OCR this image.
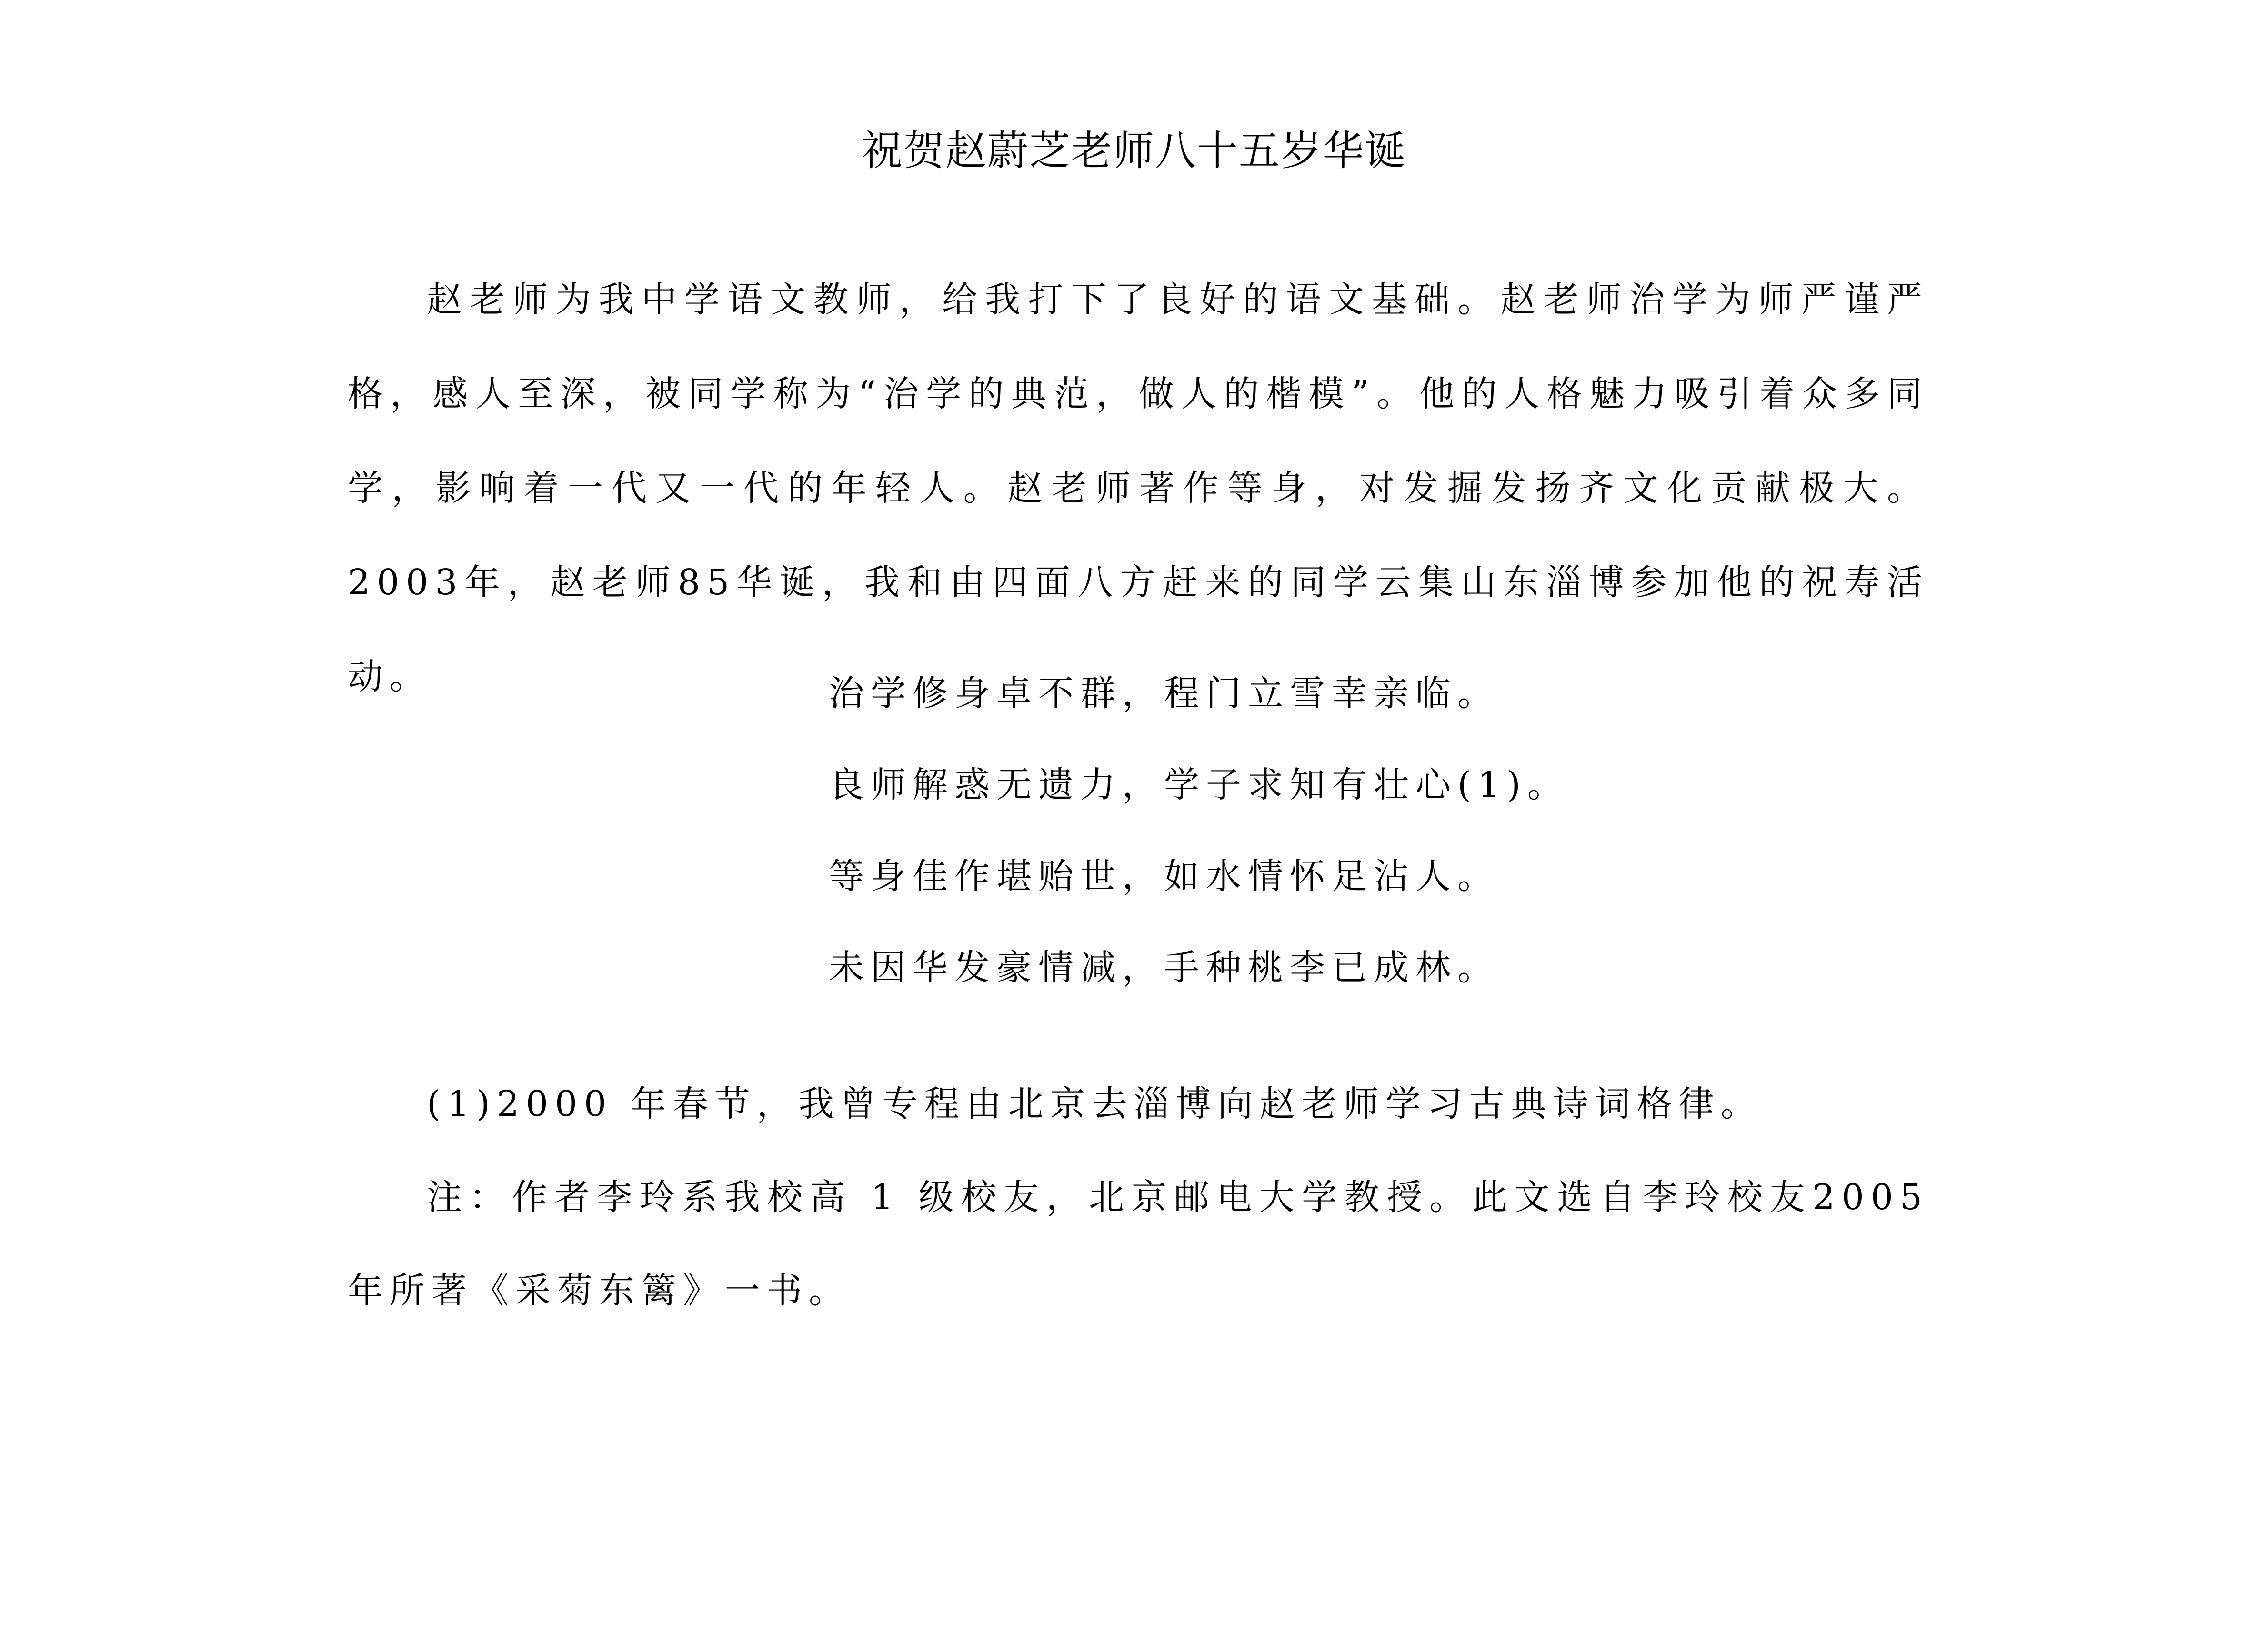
祝贺赵蔚芝老师八十五岁华诞

赵老师为我中学语文教师，给我打下了良好的语文基础。赵老师治学为师严谨严格，感人至深，被同学称为“治学的典范，做人的楷模”。他的人格魅力吸引着众多同学，影响着一代又一代的年轻人。赵老师著作等身，对发掘发扬齐文化贡献极大。2003年，赵老师85华诞，我和由四面八方赶来的同学云集山东淄博参加他的祝寿活动。	治学修身卓不群，程门立雪幸亲临。
良师解惑无遗力，学子求知有壮心(1)。
等身佳作堪贻世，如水情怀足沾人。
未因华发豪情减，手种桃李已成林。

(1)2000 年春节，我曾专程由北京去淄博向赵老师学习古典诗词格律。

注：作者李玲系我校高 1 级校友，北京邮电大学教授。此文选自李玲校友2005年所著《采菊东篱》一书。
